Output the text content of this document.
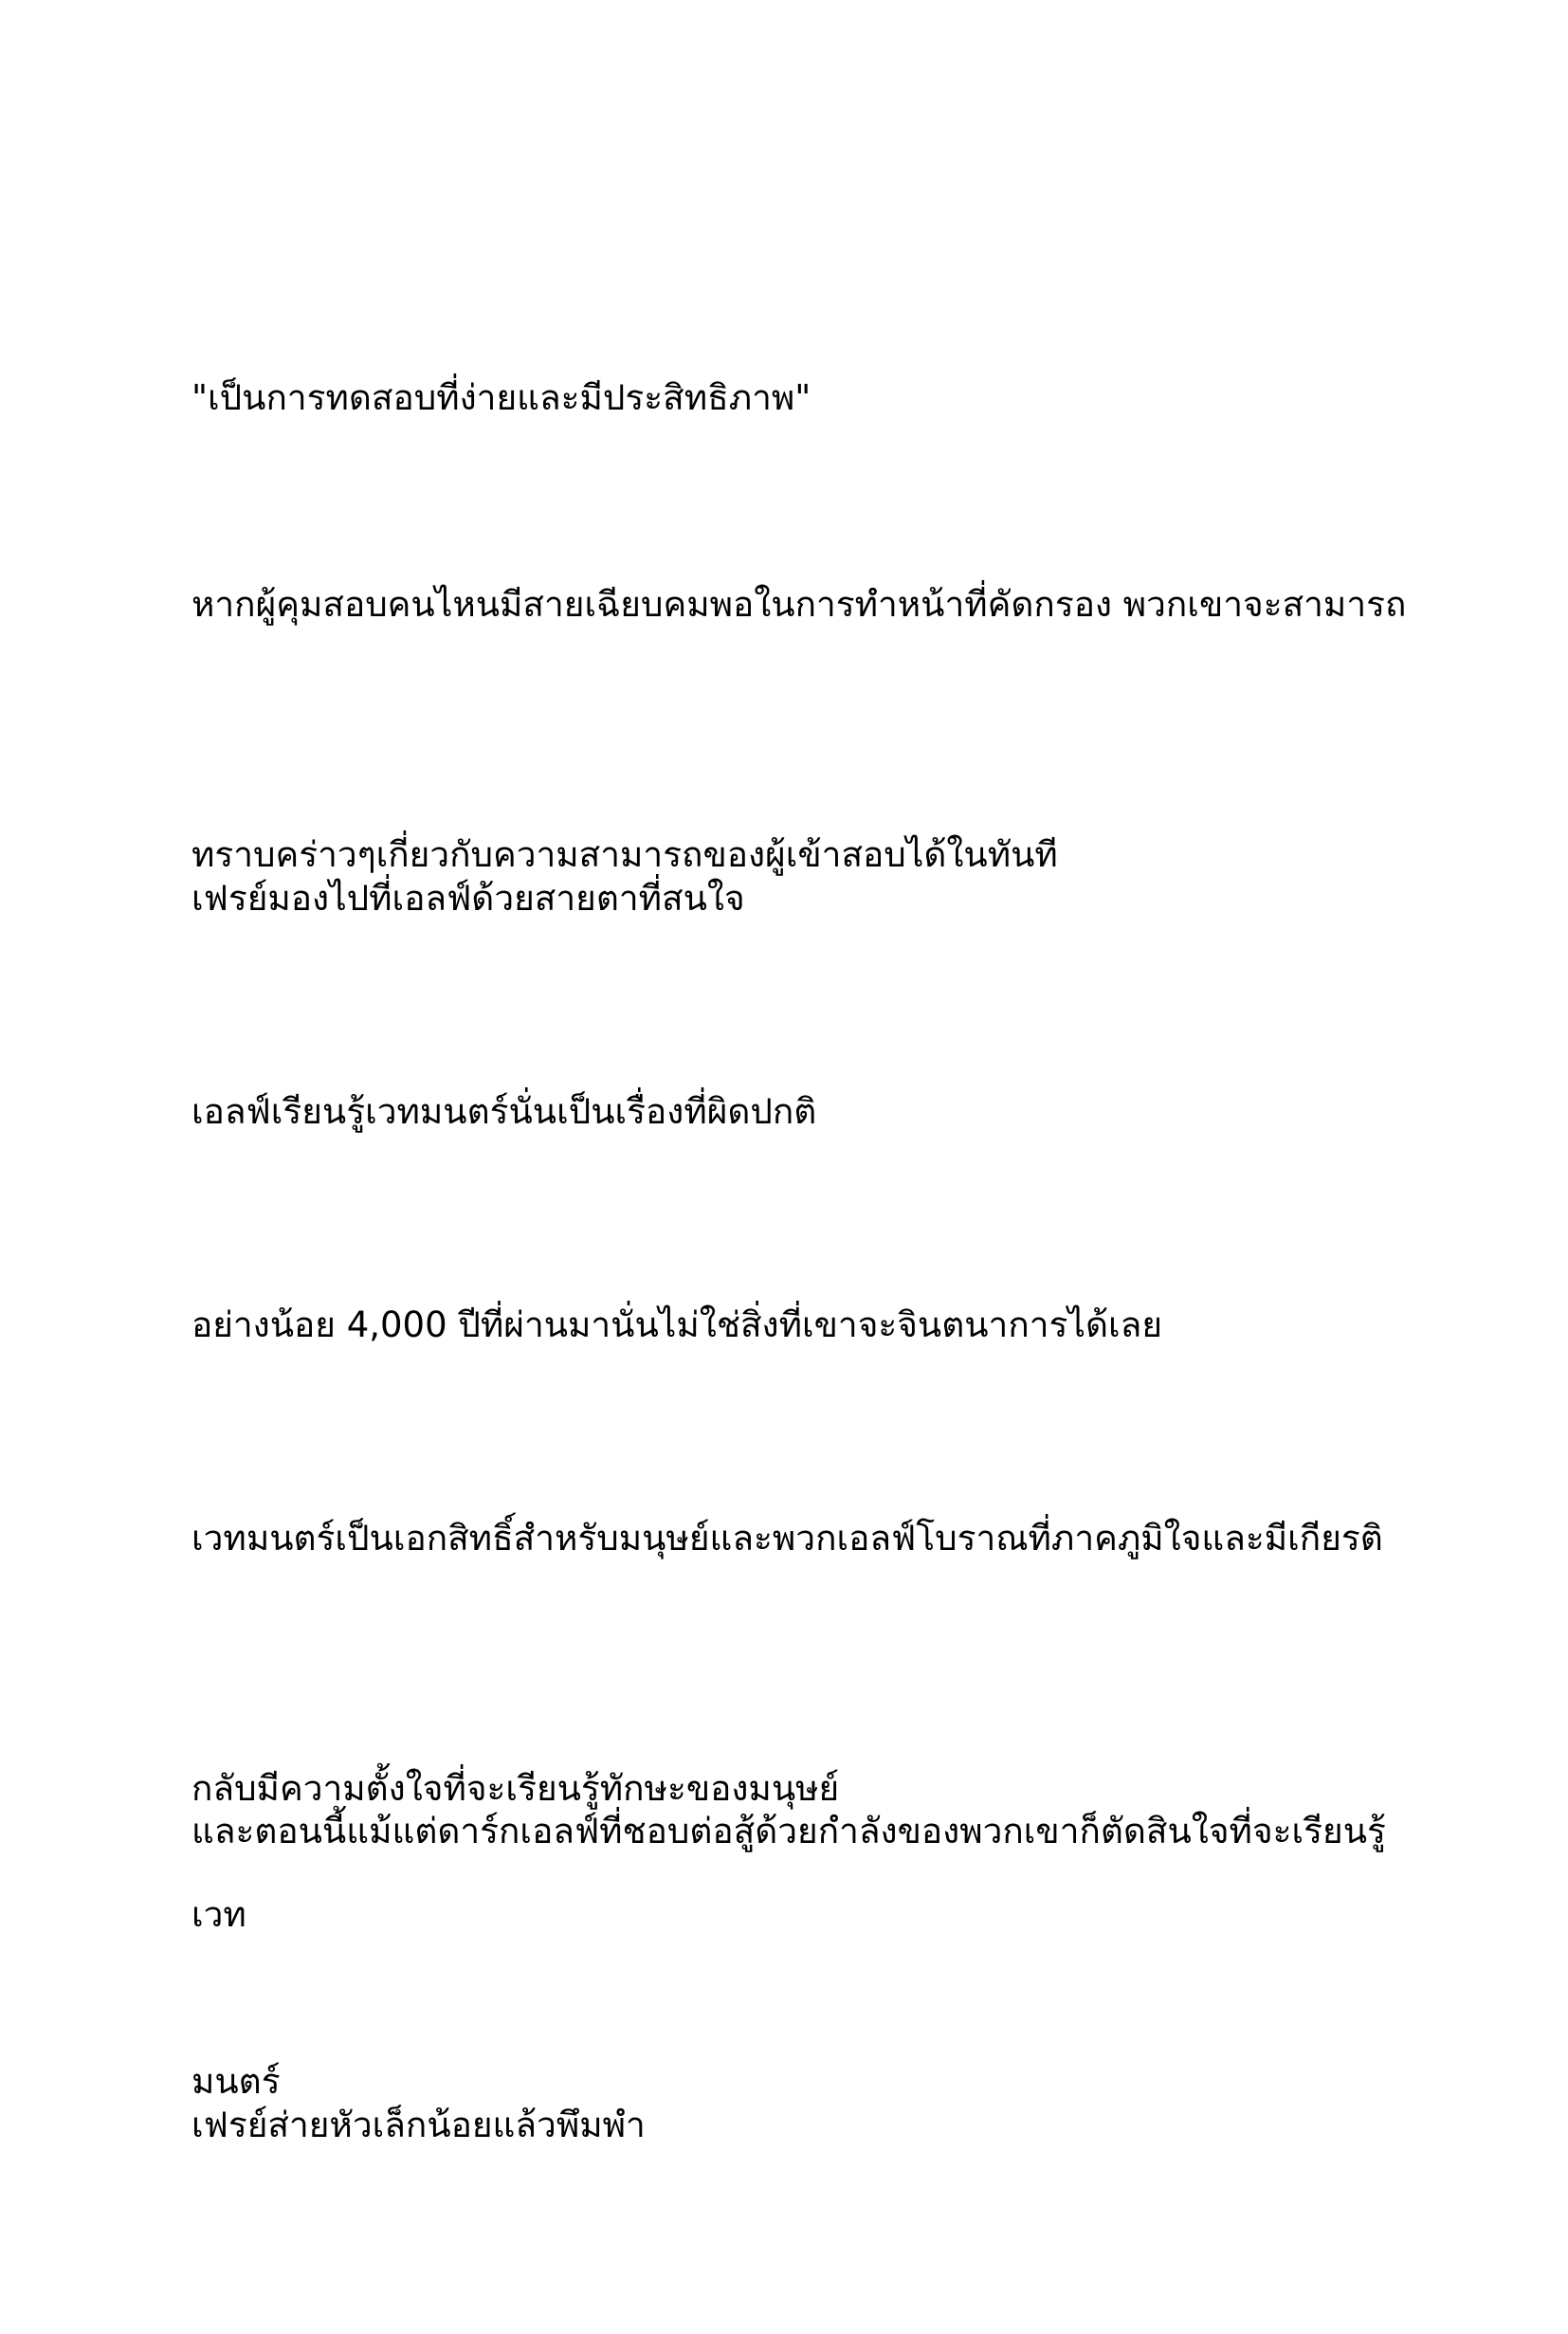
"เป็นการทดสอบที่ง่ายและมีประสิทธิภาพ"

หากผู้คุมสอบคนไหนมีสายเฉียบคมพอในการทำหน้าที่คัดกรอง พวกเขาจะสามารถ

ทราบคร่าวๆเกี่ยวกับความสามารถของผู้เข้าสอบได้ในทันที

เฟรย์มองไปที่เอลฟ์ด้วยสายตาที่สนใจ

เอลฟ์เรียนรู้เวทมนตร์นั่นเป็นเรื่องที่ผิดปกติ

อย่างน้อย 4,000 ปีที่ผ่านมานั่นไม่ใช่สิ่งที่เขาจะจินตนาการได้เลย

เวทมนตร์เป็นเอกสิทธิ์สำหรับมนุษย์และพวกเอลฟ์โบราณที่ภาคภูมิใจและมีเกียรติ

กลับมีความตั้งใจที่จะเรียนรู้ทักษะของมนุษย์

และตอนนี้แม้แต่ดาร์กเอลฟ์ที่ชอบต่อสู้ด้วยกำลังของพวกเขาก็ตัดสินใจที่จะเรียนรู้เวท

มนตร์

เฟรย์ส่ายหัวเล็กน้อยแล้วพึมพำ
